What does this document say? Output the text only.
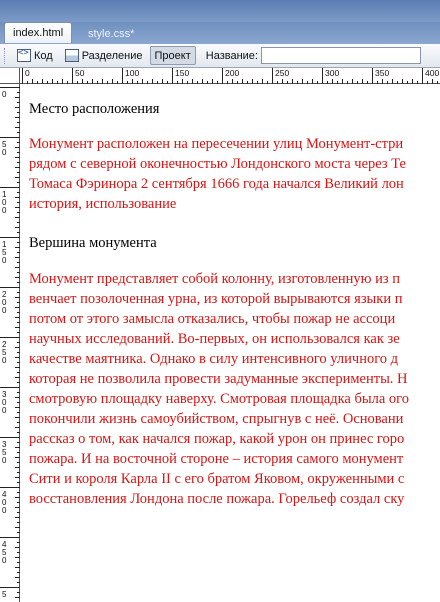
index.html	style.css*
<>
Код	Разделение Проект Название:
0	50	100	150	200	250	300	350	400
0
5
0
1
0
0
1
5
0
2
0
0
2
5
0
3
0
0
3
5
0
4
0
0
4
5
0
5

Место расположения

Монумент расположен на пересечении улиц Монумент-стри

рядом с северной оконечностью Лондонского моста через Те

Томаса Фэринора 2 сентября 1666 года начался Великий лон

история, использование

Вершина монумента

Монумент представляет собой колонну, изготовленную из п

венчает позолоченная урна, из которой вырываются языки п

потом от этого замысла отказались, чтобы пожар не ассоци

научных исследований. Во-первых, он использовался как зе

качестве маятника. Однако в силу интенсивного уличного д

которая не позволила провести задуманные эксперименты. Н

смотровую площадку наверху. Смотровая площадка была ого

покончили жизнь самоубийством, спрыгнув с неё. Основани

рассказ о том, как начался пожар, какой урон он принес горо

пожара. И на восточной стороне – история самого монумент

Сити и короля Карла II с его братом Яковом, окруженными с

восстановления Лондона после пожара. Горельеф создал ску
